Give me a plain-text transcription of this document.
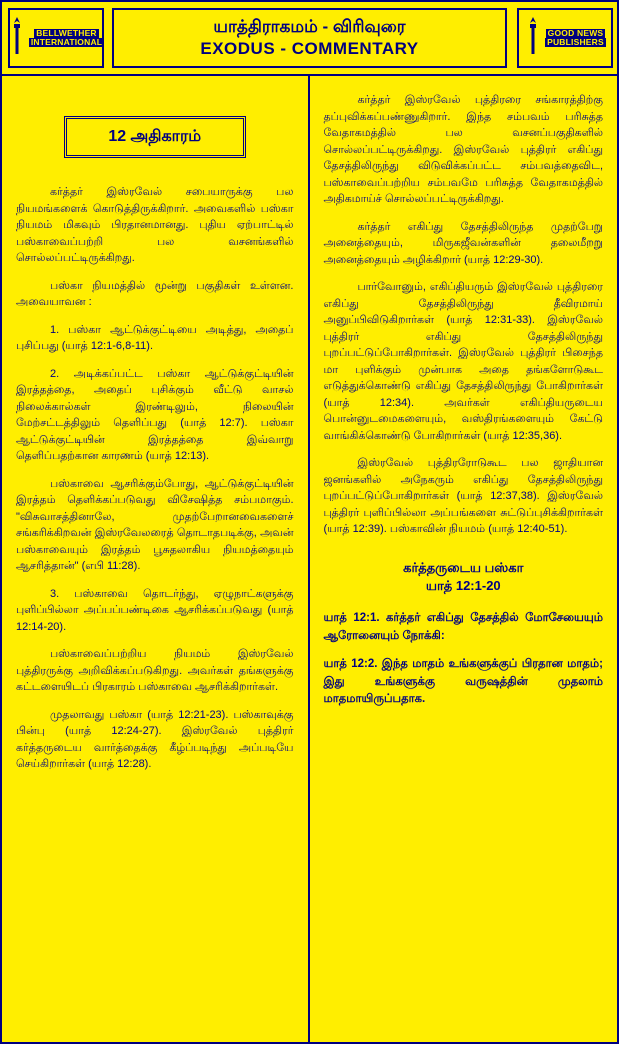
BELLWETHER
INTERNATIONAL
யாத்திராகமம் - விரிவுரை
EXODUS - COMMENTARY
GOOD NEWS
PUBLISHERS
12 அதிகாரம்

கர்த்தர் இஸ்ரவேல் சபையாருக்கு பல நியமங்களைக் கொடுத்திருக்கிறார். அவைகளில் பஸ்கா நியமம் மிகவும் பிரதானமானது. புதிய ஏற்பாட்டில் பஸ்காவைப்பற்றி பல வசனங்களில் சொல்லப்பட்டிருக்கிறது.

பஸ்கா நியமத்தில் மூன்று பகுதிகள் உள்ளன. அவையாவன :

1. பஸ்கா ஆட்டுக்குட்டியை அடித்து, அதைப் புசிப்பது (யாத் 12:1-6,8-11).

2. அடிக்கப்பட்ட பஸ்கா ஆட்டுக்குட்டியின் இரத்தத்தை, அதைப் புசிக்கும் வீட்டு வாசல் நிலைக்கால்கள் இரண்டிலும், நிலையின் மேற்சட்டத்திலும் தெளிப்பது (யாத் 12:7). பஸ்கா ஆட்டுக்குட்டியின் இரத்தத்தை இவ்வாறு தெளிப்பதற்கான காரணம் (யாத் 12:13).

பஸ்காவை ஆசரிக்கும்போது, ஆட்டுக்குட்டியின் இரத்தம் தெளிக்கப்படுவது விசேஷித்த சம்பமாகும். "விசுவாசத்தினாலே, முதற்பேறானவைகளைச் சங்கரிக்கிறவன் இஸ்ரவேலரைத் தொடாதபடிக்கு, அவன் பஸ்காவையும் இரத்தம் பூசுதலாகிய நியமத்தையும் ஆசரித்தான்" (எபி 11:28).

3. பஸ்காவை தொடர்ந்து, ஏழுநாட்களுக்கு புளிப்பில்லா அப்பப்பண்டிகை ஆசரிக்கப்படுவது (யாத் 12:14-20).

பஸ்காவைப்பற்றிய நியமம் இஸ்ரவேல் புத்திரருக்கு அறிவிக்கப்படுகிறது. அவர்கள் தங்களுக்கு கட்டளையிடப் பிரகாரம் பஸ்காவை ஆசரிக்கிறார்கள்.

முதலாவது பஸ்கா (யாத் 12:21-23). பஸ்காவுக்கு பின்பு (யாத் 12:24-27). இஸ்ரவேல் புத்திரர் கர்த்தருடைய வார்த்தைக்கு கீழ்ப்படிந்து அப்படியே செய்கிறார்கள் (யாத் 12:28).

கர்த்தர் இஸ்ரவேல் புத்திரரை சங்காரத்திற்கு தப்புவிக்கப்பண்ணுகிறார். இந்த சம்பவம் பரிசுத்த வேதாகமத்தில் பல வசனப்பகுதிகளில் சொல்லப்பட்டிருக்கிறது. இஸ்ரவேல் புத்திரர் எகிப்து தேசத்திலிருந்து விடுவிக்கப்பட்ட சம்பவத்தைவிட, பஸ்காவைப்பற்றிய சம்பவமே பரிசுத்த வேதாகமத்தில் அதிகமாய்ச் சொல்லப்பட்டிருக்கிறது.

கர்த்தர் எகிப்து தேசத்திலிருந்த முதற்பேறு அனைத்தையும், மிருகஜீவன்களின் தலைமீறறு அனைத்தையும் அழிக்கிறார் (யாத் 12:29-30).

பார்வோனும், எகிப்தியரும் இஸ்ரவேல் புத்திரரை எகிப்து தேசத்திலிருந்து தீவிரமாய் அனுப்பிவிடுகிறார்கள் (யாத் 12:31-33). இஸ்ரவேல் புத்திரர் எகிப்து தேசத்திலிருந்து புறப்பட்டுப்போகிறார்கள். இஸ்ரவேல் புத்திரர் பிசைந்த மா புளிக்கும் முன்பாக அதை தங்களோடுகூட எடுத்துக்கொண்டு எகிப்து தேசத்திலிருந்து போகிறார்கள் (யாத் 12:34). அவர்கள் எகிப்தியருடைய பொன்னுடமைகளையும், வஸ்திரங்களையும் கேட்டு வாங்கிக்கொண்டு போகிறார்கள் (யாத் 12:35,36).

இஸ்ரவேல் புத்திரரோடுகூட பல ஜாதியான ஜனங்களில் அநேகரும் எகிப்து தேசத்திலிருந்து புறப்பட்டுப்போகிறார்கள் (யாத் 12:37,38). இஸ்ரவேல் புத்திரர் புளிப்பில்லா அப்பங்களை சுட்டுப்புசிக்கிறார்கள் (யாத் 12:39). பஸ்காவின் நியமம் (யாத் 12:40-51).

கர்த்தருடைய பஸ்கா
யாத் 12:1-20

யாத் 12:1. கர்த்தர் எகிப்து தேசத்தில் மோசேயையும் ஆரோனையும் நோக்கி:

யாத் 12:2. இந்த மாதம் உங்களுக்குப் பிரதான மாதம்; இது உங்களுக்கு வருஷத்தின் முதலாம் மாதமாயிருப்பதாக.
